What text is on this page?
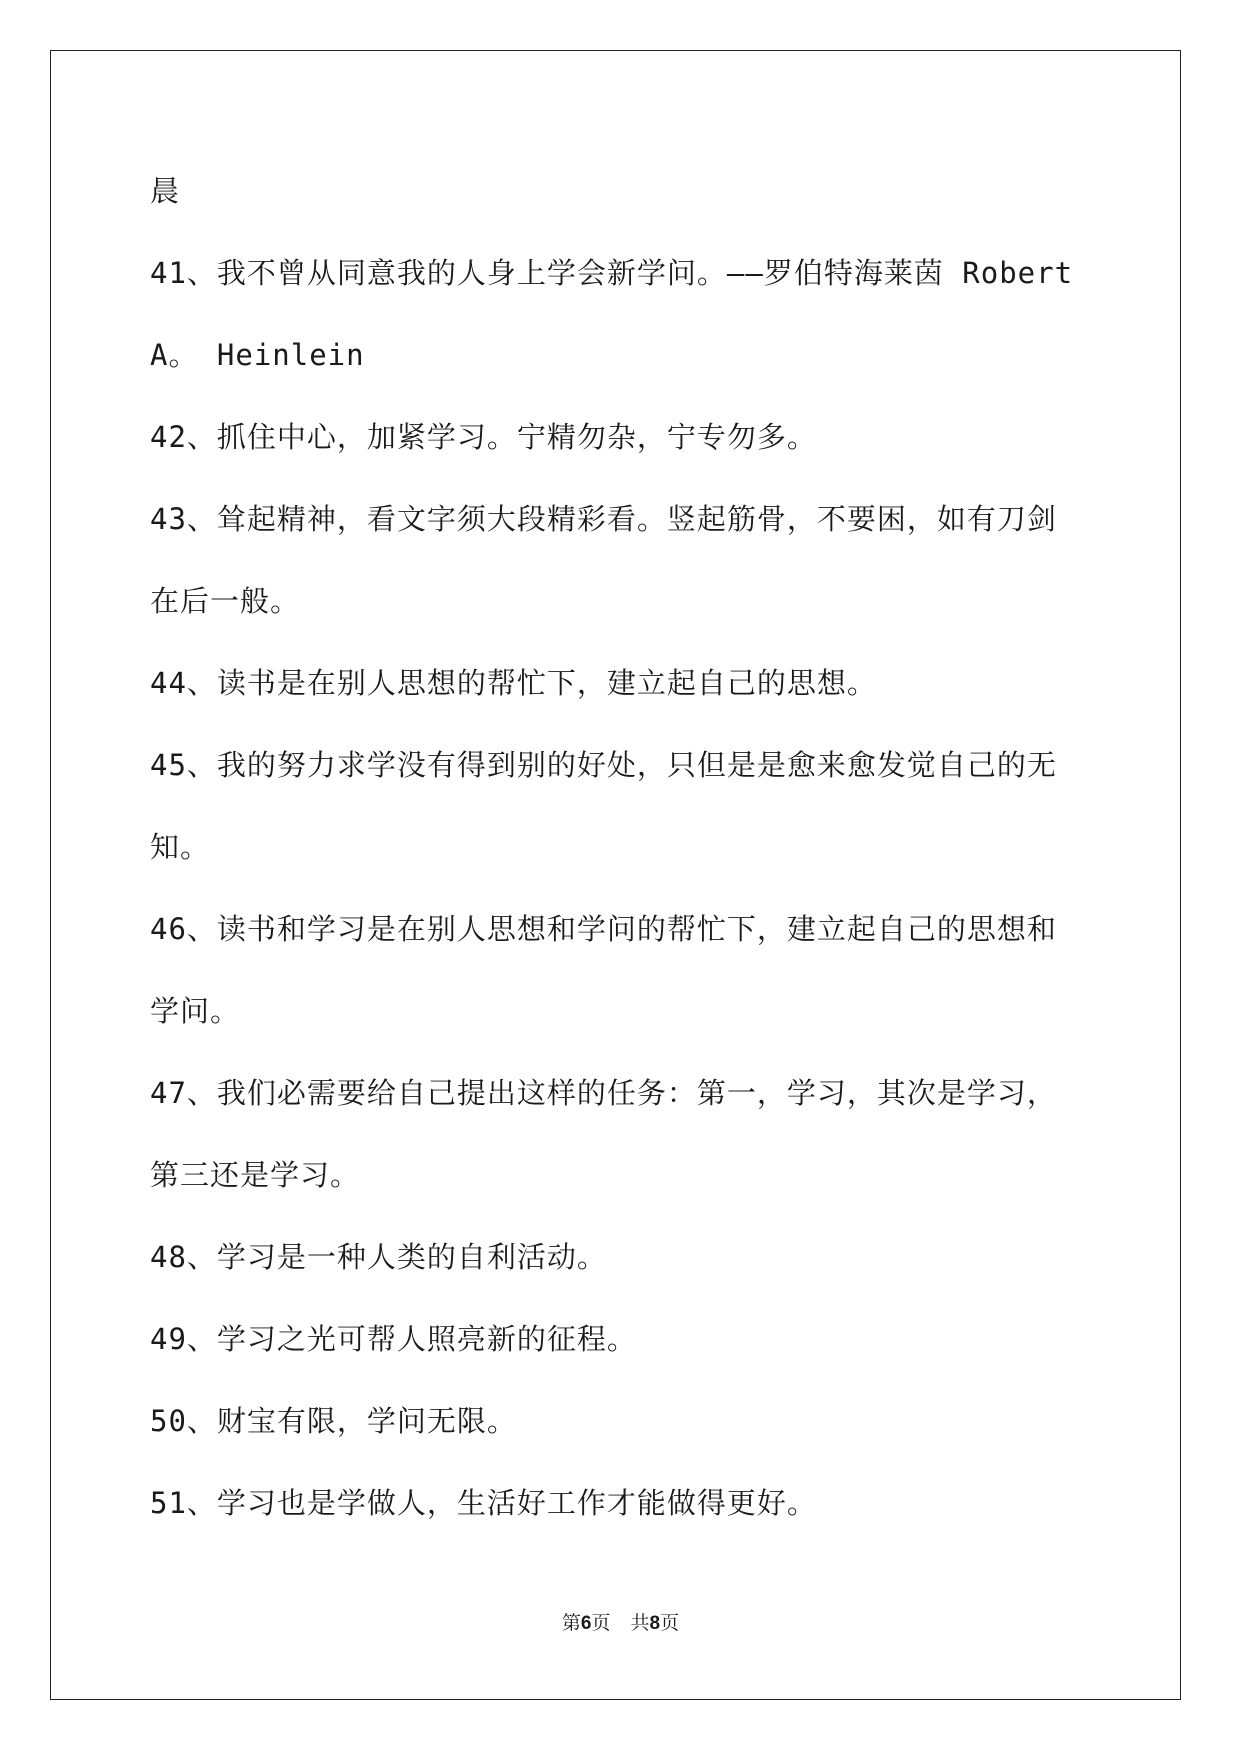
晨
41、我不曾从同意我的人身上学会新学问。——罗伯特海莱茵 Robert
A。 Heinlein
42、抓住中心，加紧学习。宁精勿杂，宁专勿多。
43、耸起精神，看文字须大段精彩看。竖起筋骨，不要困，如有刀剑
在后一般。
44、读书是在别人思想的帮忙下，建立起自己的思想。
45、我的努力求学没有得到别的好处，只但是是愈来愈发觉自己的无
知。
46、读书和学习是在别人思想和学问的帮忙下，建立起自己的思想和
学问。
47、我们必需要给自己提出这样的任务：第一，学习，其次是学习，
第三还是学习。
48、学习是一种人类的自利活动。
49、学习之光可帮人照亮新的征程。
50、财宝有限，学问无限。
51、学习也是学做人，生活好工作才能做得更好。
第6页 共8页
